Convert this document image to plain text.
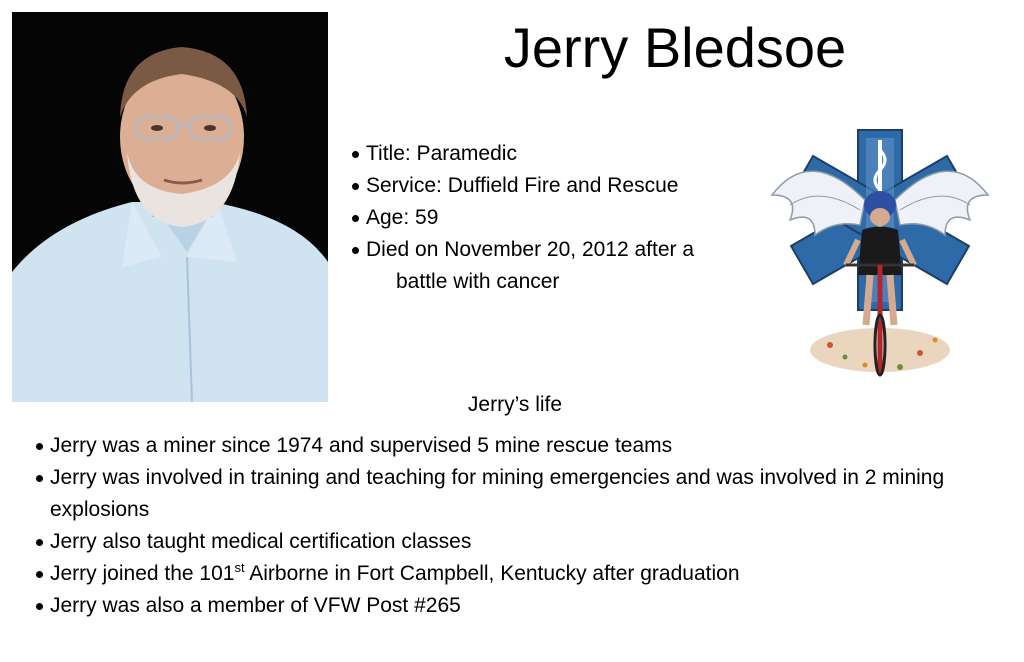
Jerry Bledsoe
Title: Paramedic
Service: Duffield Fire and Rescue
Age: 59
Died on November 20, 2012 after a
battle with cancer
Jerry’s life
Jerry was a miner since 1974 and supervised 5 mine rescue teams
Jerry was involved in training and teaching for mining emergencies and was involved in 2 mining explosions
Jerry also taught medical certification classes
Jerry joined the 101st Airborne in Fort Campbell, Kentucky after graduation
Jerry was also a member of VFW Post #265
